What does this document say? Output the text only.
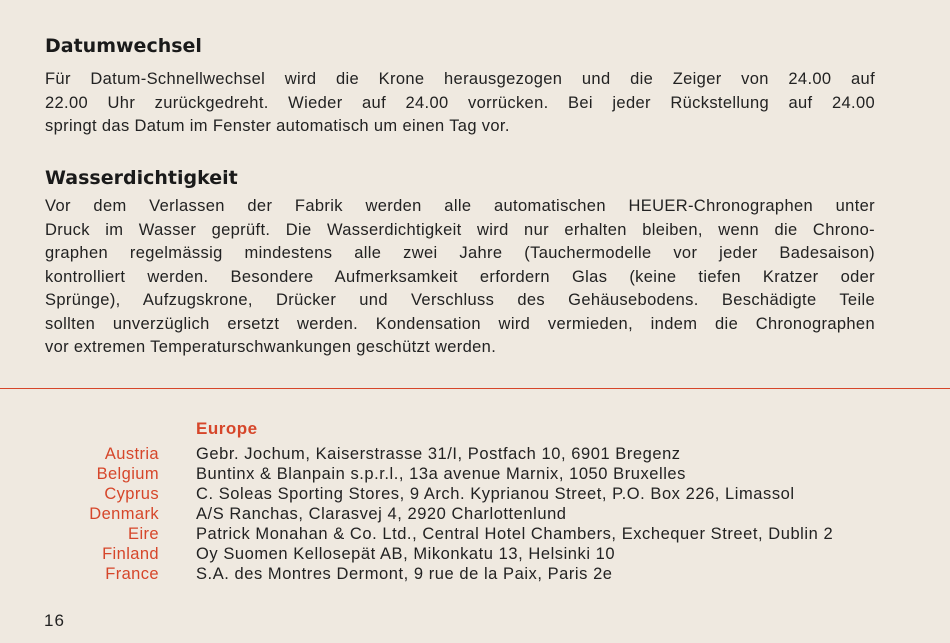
Datumwechsel

Für Datum-Schnellwechsel wird die Krone herausgezogen und die Zeiger von 24.00 auf
22.00 Uhr zurückgedreht. Wieder auf 24.00 vorrücken. Bei jeder Rückstellung auf 24.00
springt das Datum im Fenster automatisch um einen Tag vor.

Wasserdichtigkeit

Vor dem Verlassen der Fabrik werden alle automatischen HEUER-Chronographen unter
Druck im Wasser geprüft. Die Wasserdichtigkeit wird nur erhalten bleiben, wenn die Chrono-
graphen regelmässig mindestens alle zwei Jahre (Tauchermodelle vor jeder Badesaison)
kontrolliert werden. Besondere Aufmerksamkeit erfordern Glas (keine tiefen Kratzer oder
Sprünge), Aufzugskrone, Drücker und Verschluss des Gehäusebodens. Beschädigte Teile
sollten unverzüglich ersetzt werden. Kondensation wird vermieden, indem die Chronographen
vor extremen Temperaturschwankungen geschützt werden.

Europe
Austria Gebr. Jochum, Kaiserstrasse 31/I, Postfach 10, 6901 Bregenz
Belgium Buntinx & Blanpain s.p.r.l., 13a avenue Marnix, 1050 Bruxelles
Cyprus C. Soleas Sporting Stores, 9 Arch. Kyprianou Street, P.O. Box 226, Limassol
Denmark A/S Ranchas, Clarasvej 4, 2920 Charlottenlund
Eire Patrick Monahan & Co. Ltd., Central Hotel Chambers, Exchequer Street, Dublin 2
Finland Oy Suomen Kellosepät AB, Mikonkatu 13, Helsinki 10
France S.A. des Montres Dermont, 9 rue de la Paix, Paris 2e
16
